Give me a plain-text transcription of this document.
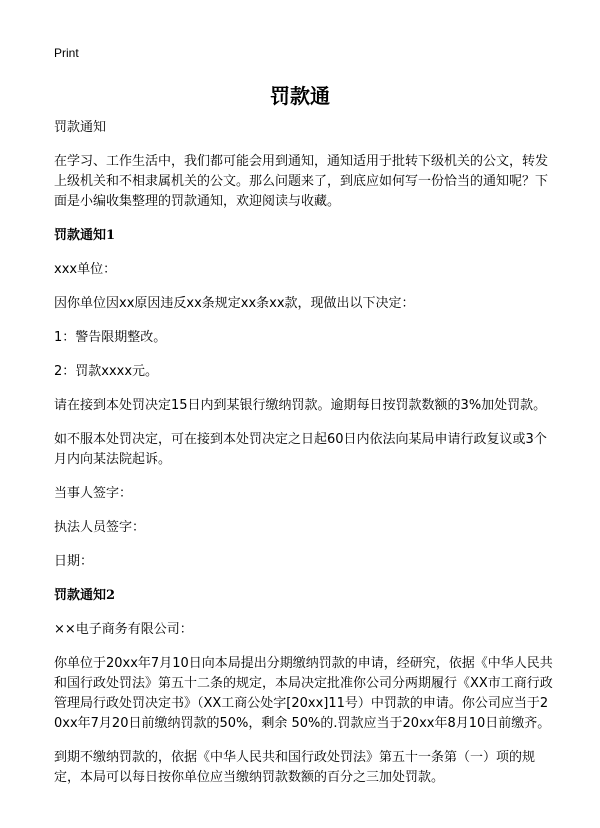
Print
罚款通

罚款通知

在学习、工作生活中，我们都可能会用到通知，通知适用于批转下级机关的公文，转发上级机关和不相隶属机关的公文。那么问题来了，到底应如何写一份恰当的通知呢？下面是小编收集整理的罚款通知，欢迎阅读与收藏。

罚款通知1

xxx单位：

因你单位因xx原因违反xx条规定xx条xx款，现做出以下决定：

1：警告限期整改。

2：罚款xxxx元。

请在接到本处罚决定15日内到某银行缴纳罚款。逾期每日按罚款数额的3%加处罚款。

如不服本处罚决定，可在接到本处罚决定之日起60日内依法向某局申请行政复议或3个月内向某法院起诉。

当事人签字：

执法人员签字：

日期：

罚款通知2

××电子商务有限公司：

你单位于20xx年7月10日向本局提出分期缴纳罚款的申请，经研究，依据《中华人民共和国行政处罚法》第五十二条的规定，本局决定批准你公司分两期履行《XX市工商行政管理局行政处罚决定书》（XX工商公处字[20xx]11号）中罚款的申请。你公司应当于20xx年7月20日前缴纳罚款的50%，剩余 50%的.罚款应当于20xx年8月10日前缴齐。

到期不缴纳罚款的，依据《中华人民共和国行政处罚法》第五十一条第（一）项的规定，本局可以每日按你单位应当缴纳罚款数额的百分之三加处罚款。
